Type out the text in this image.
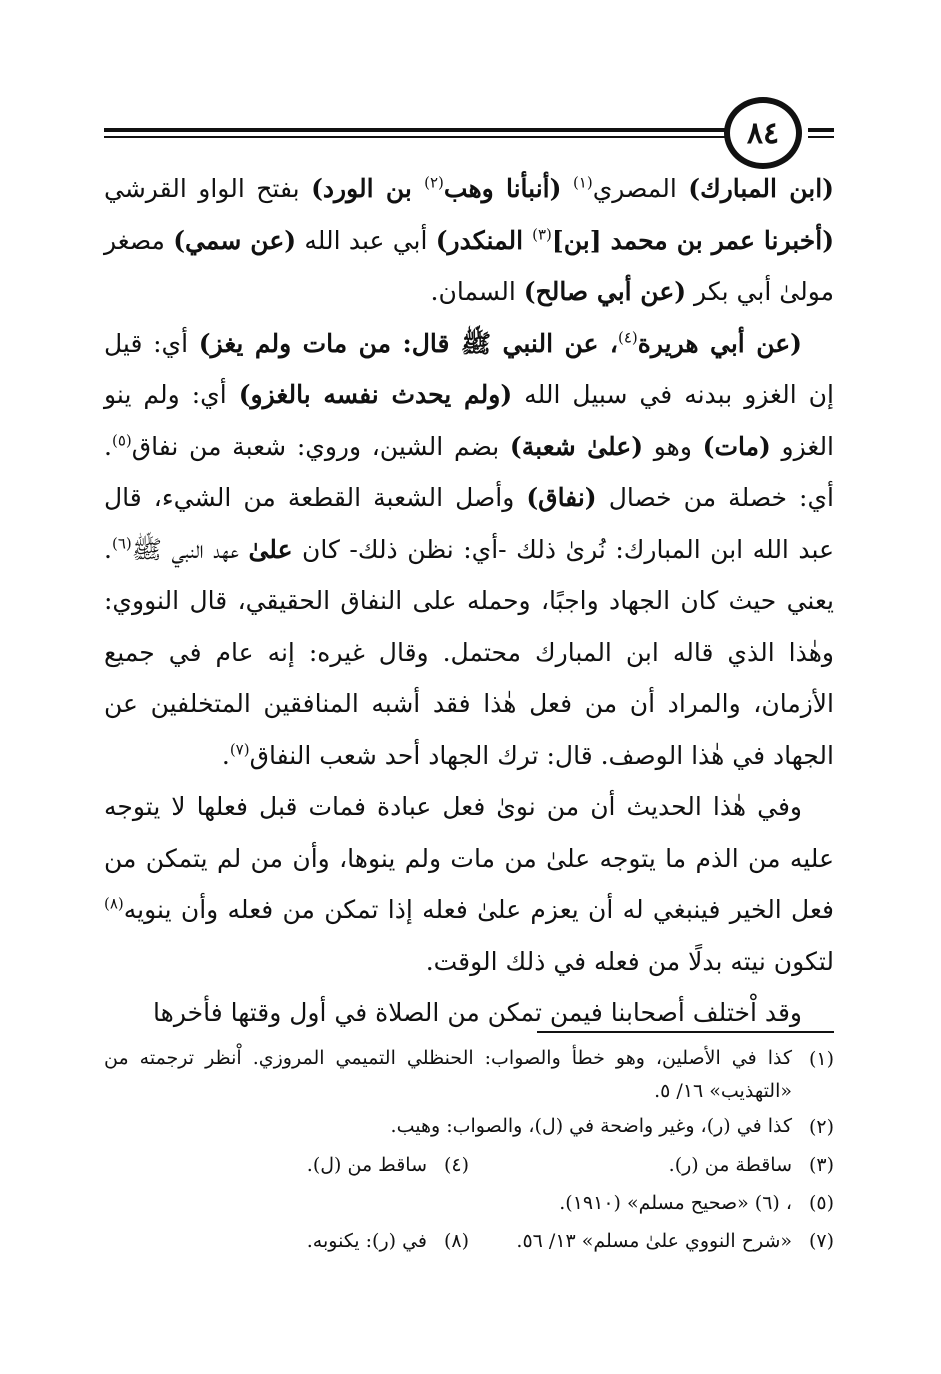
٨٤

(ابن المبارك) المصري$^{(١)}$ (أنبأنا وهب$^{(٢)}$ بن الورد) بفتح الواو القرشي (أخبرنا عمر بن محمد [بن]$^{(٣)}$ المنكدر) أبي عبد الله (عن سمي) مصغر مولىٰ أبي بكر (عن أبي صالح) السمان.

(عن أبي هريرة$^{(٤)}$، عن النبي ﷺ قال: من مات ولم يغز) أي: قيل إن الغزو ببدنه في سبيل الله (ولم يحدث نفسه بالغزو) أي: ولم ينو الغزو (مات) وهو (علىٰ شعبة) بضم الشين، وروي: شعبة من نفاق$^{(٥)}$. أي: خصلة من خصال (نفاق) وأصل الشعبة القطعة من الشيء، قال عبد الله ابن المبارك: نُرىٰ ذلك -أي: نظن ذلك- كان علىٰ عهد النبي ﷺ$^{(٦)}$. يعني حيث كان الجهاد واجبًا، وحمله على النفاق الحقيقي، قال النووي: وهٰذا الذي قاله ابن المبارك محتمل. وقال غيره: إنه عام في جميع الأزمان، والمراد أن من فعل هٰذا فقد أشبه المنافقين المتخلفين عن الجهاد في هٰذا الوصف. قال: ترك الجهاد أحد شعب النفاق$^{(٧)}$.

وفي هٰذا الحديث أن من نوىٰ فعل عبادة فمات قبل فعلها لا يتوجه عليه من الذم ما يتوجه علىٰ من مات ولم ينوها، وأن من لم يتمكن من فعل الخير فينبغي له أن يعزم علىٰ فعله إذا تمكن من فعله وأن ينويه$^{(٨)}$ لتكون نيته بدلًا من فعله في ذلك الوقت.

وقد اْختلف أصحابنا فيمن تمكن من الصلاة في أول وقتها فأخرها

(١)
كذا في الأصلين، وهو خطأ والصواب: الحنظلي التميمي المروزي. اْنظر ترجمته من «التهذيب» ١٦/ ٥.
(٢)
كذا في (ر)، وغير واضحة في (ل)، والصواب: وهيب.
(٣)
ساقطة من (ر).
(٤)
ساقط من (ل).
(٥)
، (٦) «صحيح مسلم» (١٩١٠).
(٧)
«شرح النووي علىٰ مسلم» ١٣/ ٥٦.
(٨)
في (ر): يكنوبه.
